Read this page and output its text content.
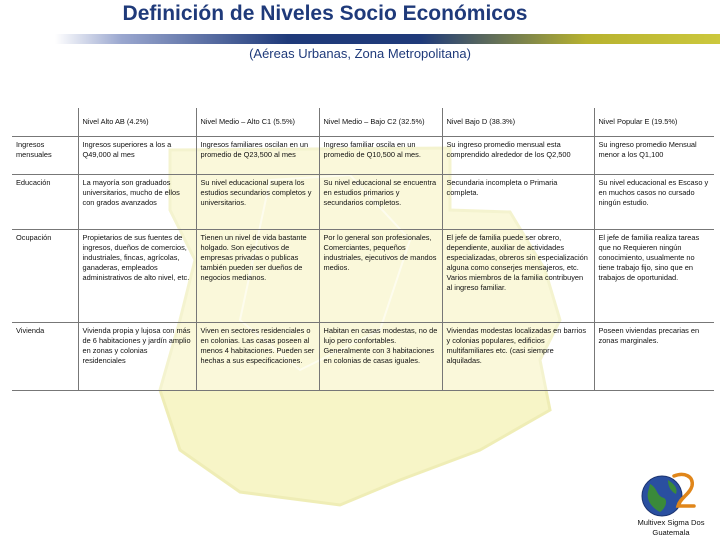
Definición de Niveles Socio Económicos
(Aéreas Urbanas, Zona Metropolitana)
	Nivel Alto AB (4.2%)	Nivel Medio – Alto C1 (5.5%)	Nivel Medio – Bajo C2 (32.5%)	Nivel Bajo D (38.3%)	Nivel Popular E (19.5%)
Ingresos mensuales	Ingresos superiores a los a Q49,000 al mes	Ingresos familiares oscilan en un promedio de Q23,500 al mes	Ingreso familiar oscila en un promedio de Q10,500 al mes.	Su ingreso promedio mensual esta comprendido alrededor de los Q2,500	Su ingreso promedio Mensual menor a los Q1,100
Educación	La mayoría son graduados universitarios, mucho de ellos con grados avanzados	Su nivel educacional supera los estudios secundarios completos y universitarios.	Su nivel educacional se encuentra en estudios primarios y secundarios completos.	Secundaria incompleta o Primaria completa.	Su nivel educacional es Escaso y en muchos casos no cursado ningún estudio.
Ocupación	Propietarios de sus fuentes de ingresos, dueños de comercios, industriales, fincas, agrícolas, ganaderas, empleados administrativos de alto nivel, etc.	Tienen un nivel de vida bastante holgado. Son ejecutivos de empresas privadas o publicas también pueden ser dueños de negocios medianos.	Por lo general son profesionales, Comerciantes, pequeños industriales, ejecutivos de mandos medios.	El jefe de familia puede ser obrero, dependiente, auxiliar de actividades especializadas, obreros sin especialización alguna como conserjes mensajeros, etc. Varios miembros de la familia contribuyen al ingreso familiar.	El jefe de familia realiza tareas que no Requieren ningún conocimiento, usualmente no tiene trabajo fijo, sino que en trabajos de oportunidad.
Vivienda	Vivienda propia y lujosa con más de 6 habitaciones y jardín amplio en zonas y colonias residenciales	Viven en sectores residenciales o en colonias. Las casas poseen al menos 4 habitaciones. Pueden ser hechas a sus especificaciones.	Habitan en casas modestas, no de lujo pero confortables. Generalmente con 3 habitaciones en colonias de casas iguales.	Viviendas modestas localizadas en barrios y colonias populares, edificios multifamiliares etc. (casi siempre alquiladas.	Poseen viviendas precarias en zonas marginales.
Multivex Sigma Dos
Guatemala
